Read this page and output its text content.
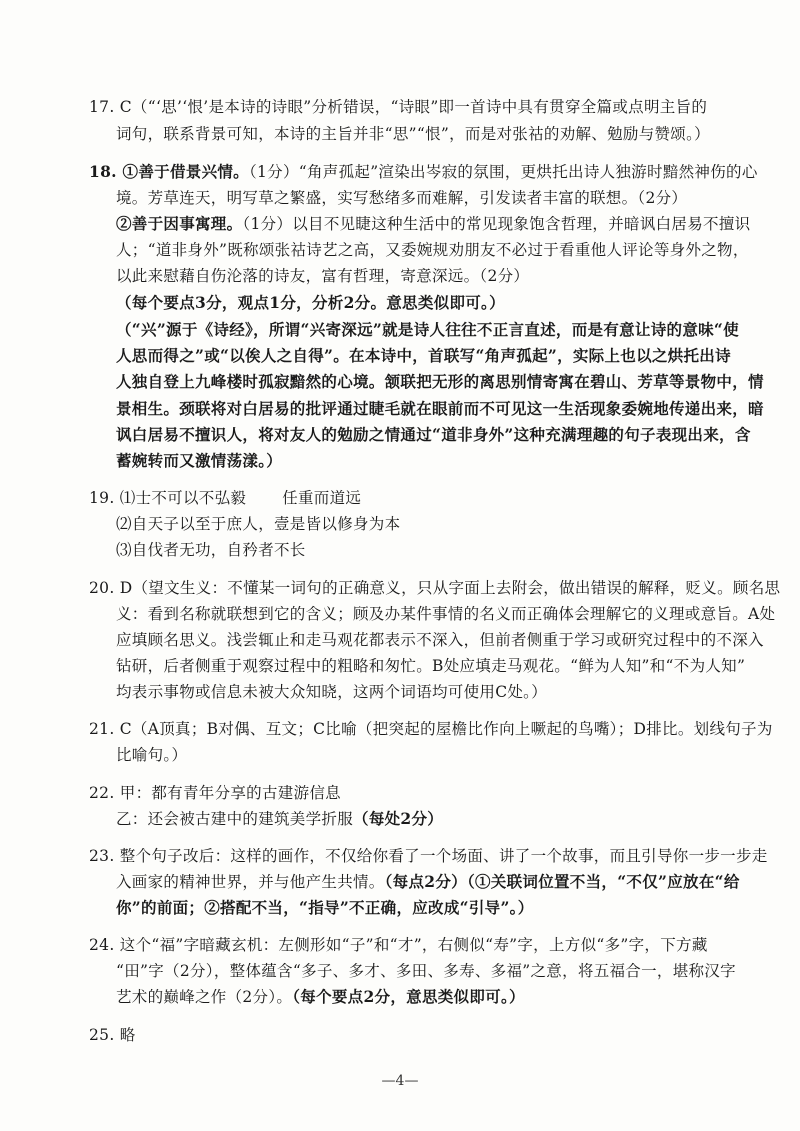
17. C（“‘思’‘恨’是本诗的诗眼”分析错误，“诗眼”即一首诗中具有贯穿全篇或点明主旨的
词句，联系背景可知，本诗的主旨并非“思”“恨”，而是对张祜的劝解、勉励与赞颂。）
18. ①善于借景兴情。（1分）“角声孤起”渲染出岑寂的氛围，更烘托出诗人独游时黯然神伤的心
境。芳草连天，明写草之繁盛，实写愁绪多而难解，引发读者丰富的联想。（2分）
②善于因事寓理。（1分）以目不见睫这种生活中的常见现象饱含哲理，并暗讽白居易不擅识
人；“道非身外”既称颂张祜诗艺之高，又委婉规劝朋友不必过于看重他人评论等身外之物，
以此来慰藉自伤沦落的诗友，富有哲理，寄意深远。（2分）
（每个要点3分，观点1分，分析2分。意思类似即可。）
（“兴”源于《诗经》，所谓“兴寄深远”就是诗人往往不正言直述，而是有意让诗的意味“使
人思而得之”或“以俟人之自得”。在本诗中，首联写“角声孤起”，实际上也以之烘托出诗
人独自登上九峰楼时孤寂黯然的心境。颔联把无形的离思别情寄寓在碧山、芳草等景物中，情
景相生。颈联将对白居易的批评通过睫毛就在眼前而不可见这一生活现象委婉地传递出来，暗
讽白居易不擅识人，将对友人的勉励之情通过“道非身外”这种充满理趣的句子表现出来，含
蓄婉转而又激情荡漾。）
19. ⑴士不可以不弘毅 任重而道远
⑵自天子以至于庶人，壹是皆以修身为本
⑶自伐者无功，自矜者不长
20. D（望文生义：不懂某一词句的正确意义，只从字面上去附会，做出错误的解释，贬义。顾名思
义：看到名称就联想到它的含义；顾及办某件事情的名义而正确体会理解它的义理或意旨。A处
应填顾名思义。浅尝辄止和走马观花都表示不深入，但前者侧重于学习或研究过程中的不深入
钻研，后者侧重于观察过程中的粗略和匆忙。B处应填走马观花。“鲜为人知”和“不为人知”
均表示事物或信息未被大众知晓，这两个词语均可使用C处。）
21. C（A顶真；B对偶、互文；C比喻（把突起的屋檐比作向上噘起的鸟嘴）；D排比。划线句子为
比喻句。）
22. 甲：都有青年分享的古建游信息
乙：还会被古建中的建筑美学折服（每处2分）
23. 整个句子改后：这样的画作，不仅给你看了一个场面、讲了一个故事，而且引导你一步一步走
入画家的精神世界，并与他产生共情。（每点2分）（①关联词位置不当，“不仅”应放在“给
你”的前面；②搭配不当，“指导”不正确，应改成“引导”。）
24. 这个“福”字暗藏玄机：左侧形如“子”和“才”，右侧似“寿”字，上方似“多”字，下方藏
“田”字（2分），整体蕴含“多子、多才、多田、多寿、多福”之意，将五福合一，堪称汉字
艺术的巅峰之作（2分）。（每个要点2分，意思类似即可。）
25. 略
—4—
